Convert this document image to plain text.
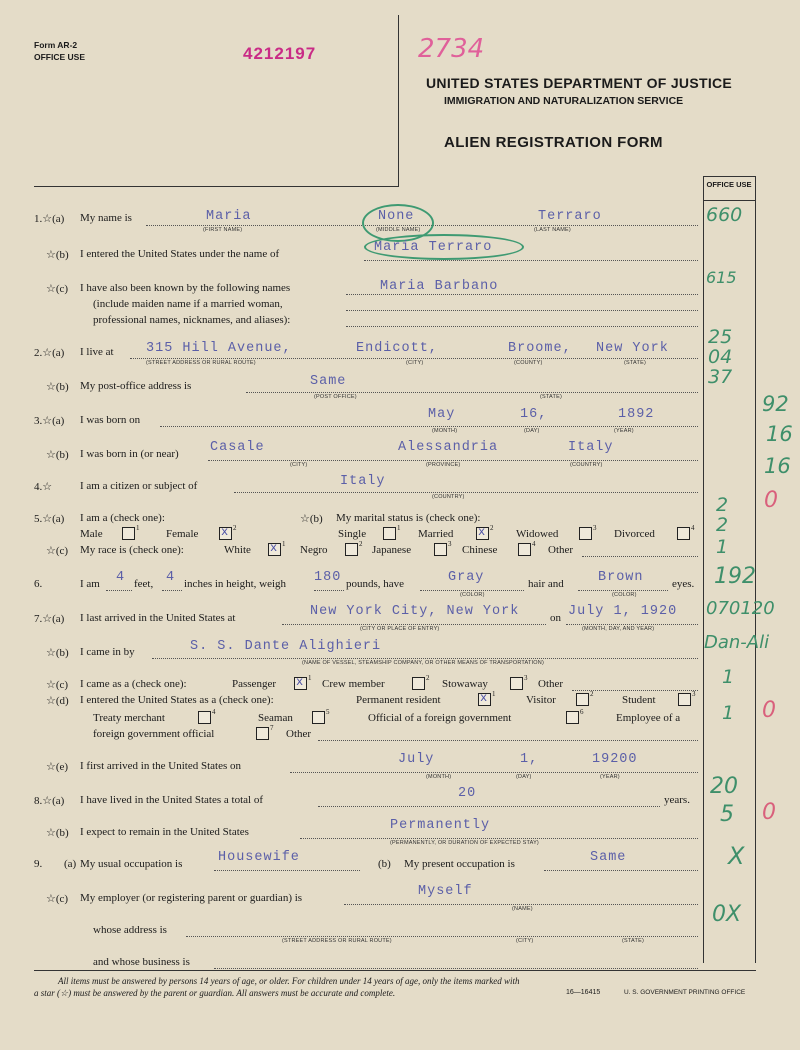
Form AR-2
OFFICE USE	4212197	2734
UNITED STATES DEPARTMENT OF JUSTICE
IMMIGRATION AND NATURALIZATION SERVICE
ALIEN REGISTRATION FORM
OFFICE USE
1.☆(a) My name is	Maria	None	Terraro
(FIRST NAME)	(MIDDLE NAME)	(LAST NAME)
☆(b) I entered the United States under the name of	Maria Terraro
☆(c) I have also been known by the following names
(include maiden name if a married woman,
professional names, nicknames, and aliases):
Maria Barbano
2.☆(a) I live at 315 Hill Avenue,	Endicott,	Broome, New York
(STREET ADDRESS OR RURAL ROUTE)	(CITY)	(COUNTY)	(STATE)
☆(b) My post-office address is	Same
(POST OFFICE)	(STATE)
3.☆(a) I was born on	May	16,	1892
(MONTH)	(DAY)	(YEAR)
☆(b) I was born in (or near) Casale	Alessandria	Italy
(CITY)	(PROVINCE)	(COUNTRY)
4.☆	I am a citizen or subject of	Italy
(COUNTRY)
5.☆(a) I am a (check one):
Male	1 Female x 2
☆(b) My marital status is (check one):
Single	1 Married x 2 Widowed	3 Divorced	4
☆(c) My race is (check one):	White x 1 Negro	2 Japanese	3 Chinese	4 Other
6.	I am 4 feet, 4 inches in height, weigh 180 pounds, have	Gray
(COLOR)
hair and	Brown
(COLOR)
eyes.
7.☆(a) I last arrived in the United States at	New York City, New York
(CITY OR PLACE OF ENTRY)
on July 1, 1920
(MONTH, DAY, AND YEAR)
☆(b) I came in by	S. S. Dante Alighieri
(NAME OF VESSEL, STEAMSHIP COMPANY, OR OTHER MEANS OF TRANSPORTATION)
☆(c) I came as a (check one):	Passenger x 1 Crew member	2 Stowaway	3 Other
☆(d) I entered the United States as a (check one):	Permanent resident	x 1	Visitor	2	Student	3
Treaty merchant	4	Seaman	5	Official of a foreign government	6	Employee of a
foreign government official	7 Other
☆(e) I first arrived in the United States on	July	1,	19200
(MONTH)	(DAY)	(YEAR)
8.☆(a) I have lived in the United States a total of	20	years.
☆(b) I expect to remain in the United States	Permanently
(PERMANENTLY, OR DURATION OF EXPECTED STAY)
9. (a) My usual occupation is	Housewife	(b) My present occupation is	Same
☆(c) My employer (or registering parent or guardian) is	Myself
(NAME)
whose address is
(STREET ADDRESS OR RURAL ROUTE)	(CITY)	(STATE)
and whose business is
660
615
25
04
37
92
16
16
2
2
1
0
192
070120
Dan-Ali
1
1 0
20
5 0
X
0X
All items must be answered by persons 14 years of age, or older. For children under 14 years of age, only the items marked with
a star (☆) must be answered by the parent or guardian. All answers must be accurate and complete.	16—16415	U. S. GOVERNMENT PRINTING OFFICE
